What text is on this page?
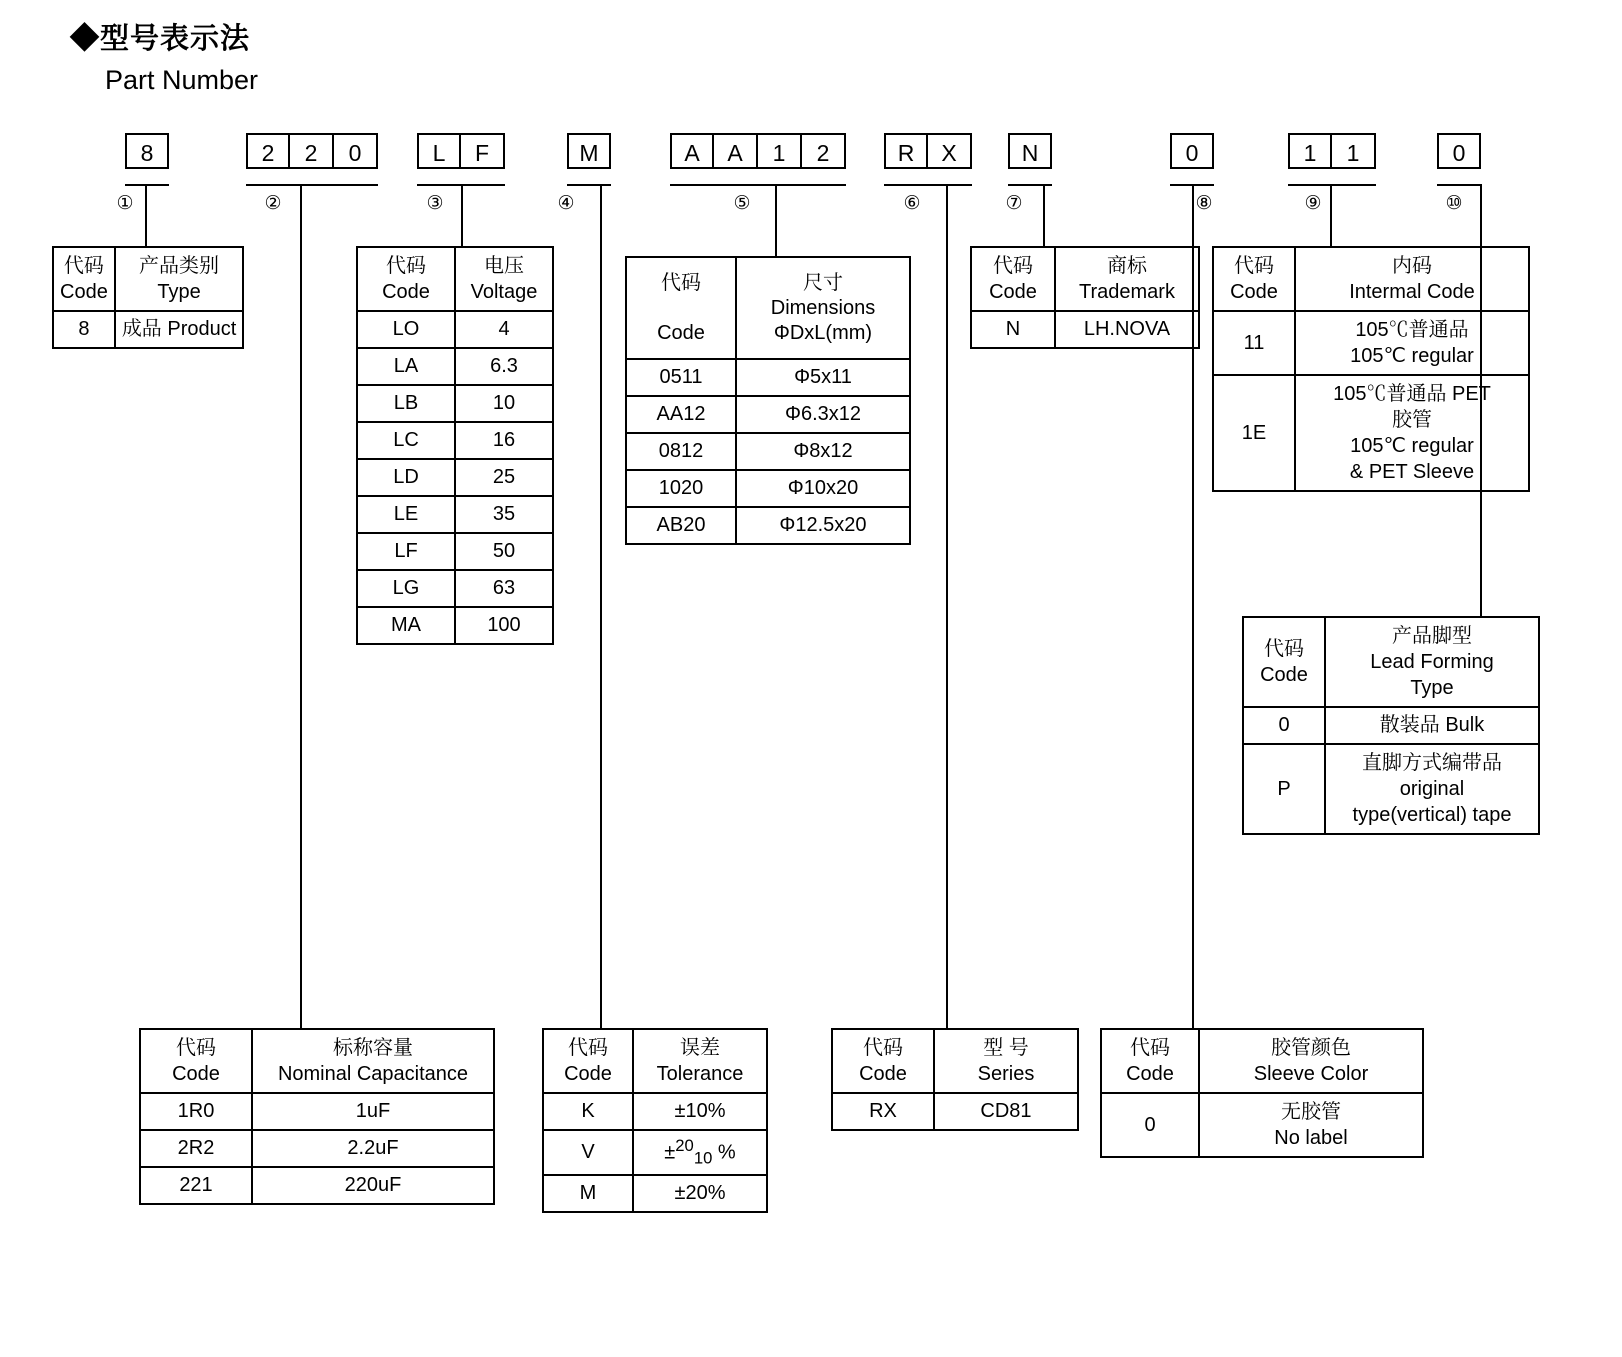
◆型号表示法
Part Number
8	2	2	0	L	F	M	A	A	1	2	R	X	N	0	1	1	0
①	②	③	④	⑤	⑥	⑦	⑧	⑨	⑩
代码
Code	产品类别
Type
8	成品 Product
代码
Code	电压
Voltage
LO	4
LA	6.3
LB	10
LC	16
LD	25
LE	35
LF	50
LG	63
MA	100
代码

Code	尺寸
Dimensions
ΦDxL(mm)
0511	Φ5x11
AA12	Φ6.3x12
0812	Φ8x12
1020	Φ10x20
AB20	Φ12.5x20
代码
Code	商标
Trademark
N	LH.NOVA
代码
Code	内码
Intermal Code
11	105℃普通品
105℃ regular
1E	105℃普通品 PET
胶管
105℃ regular
& PET Sleeve
代码
Code	产品脚型
Lead Forming
Type
0	散装品 Bulk
P	直脚方式编带品
original
type(vertical) tape
代码
Code	标称容量
Nominal Capacitance
1R0	1uF
2R2	2.2uF
221	220uF
代码
Code	误差
Tolerance
K	±10%
V	±$^{20}_{10}$ %
M	±20%
代码
Code	型 号
Series
RX	CD81
代码
Code	胶管颜色
Sleeve Color
0	无胶管
No label
